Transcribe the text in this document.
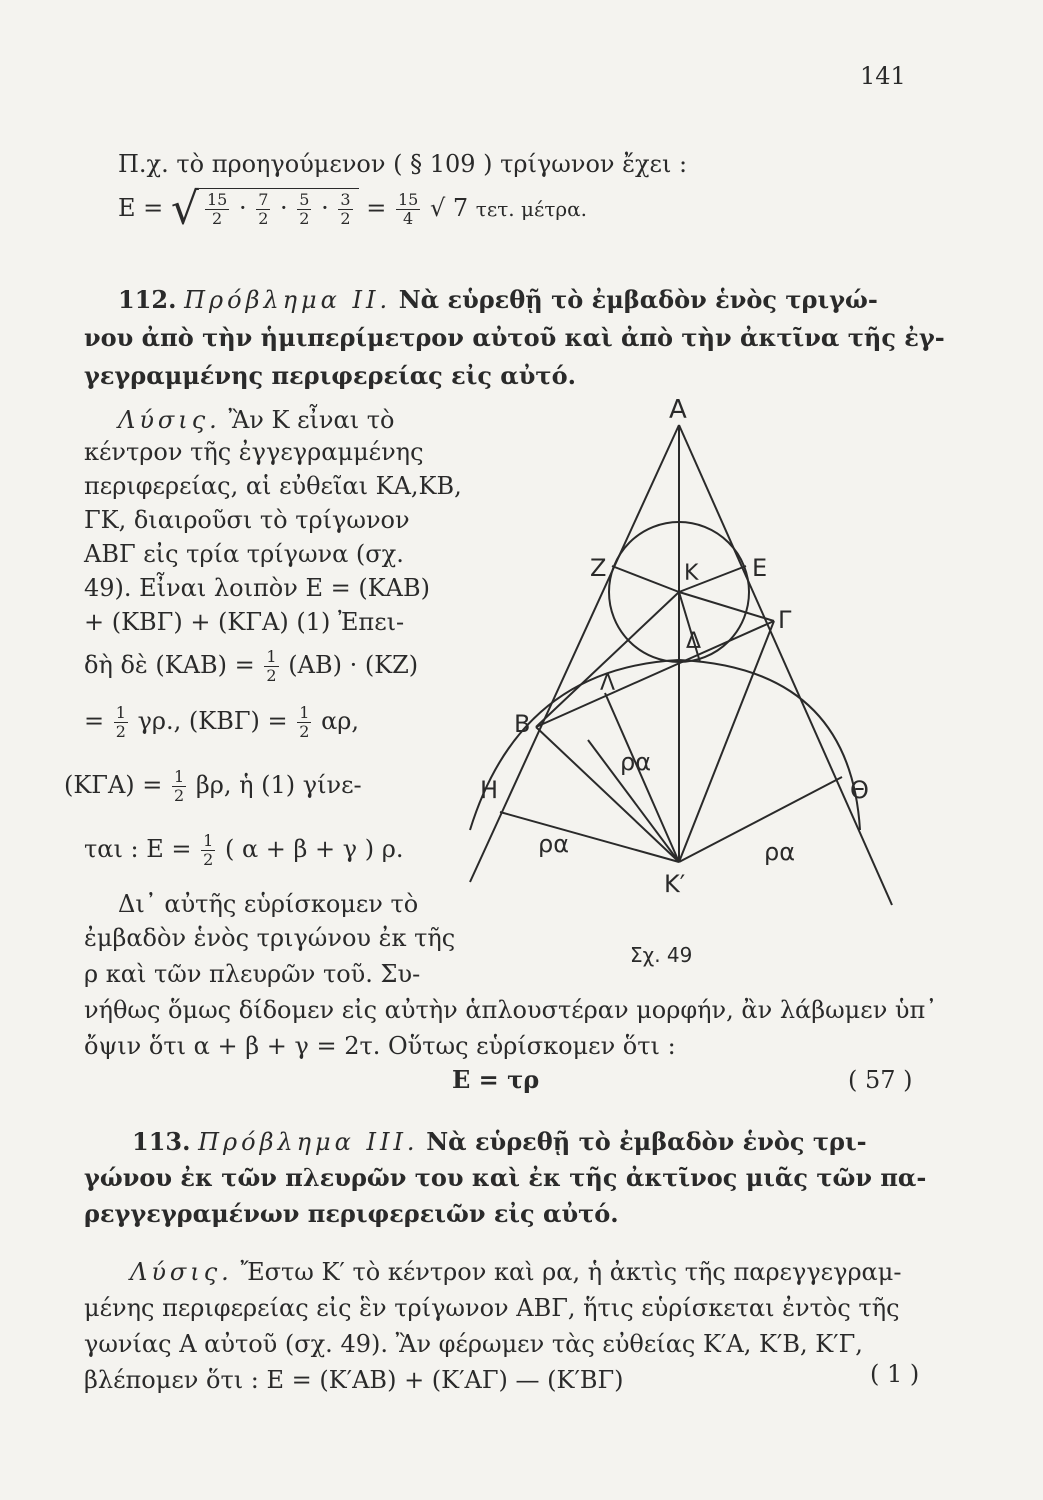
141
Π.χ. τὸ προηγούμενον ( § 109 ) τρίγωνον ἔχει :
Ε = √ $\frac{15}{2} \cdot \frac{7}{2} \cdot \frac{5}{2} \cdot \frac{3}{2} = \frac{15}{4}$ √ 7 τετ. μέτρα.
112. Πρόβλημα ΙΙ. Νὰ εὑρεθῇ τὸ ἐμβαδὸν ἑνὸς τριγώ-
νου ἀπὸ τὴν ἡμιπερίμετρον αὐτοῦ καὶ ἀπὸ τὴν ἀκτῖνα τῆς ἐγ-
γεγραμμένης περιφερείας εἰς αὐτό.
Λύσις. Ἂν Κ εἶναι τὸ
κέντρον τῆς ἐγγεγραμμένης
περιφερείας, αἱ εὐθεῖαι ΚΑ,ΚΒ,
ΓΚ, διαιροῦσι τὸ τρίγωνον
ΑΒΓ εἰς τρία τρίγωνα (σχ.
49). Εἶναι λοιπὸν Ε = (ΚΑΒ)
+ (ΚΒΓ) + (ΚΓΑ) (1) Ἐπει-
δὴ δὲ $(KAB) = \frac{1}{2} (AB) \cdot (KZ)$
= $\frac{1}{2} \gamma\rho$., $(KB\Gamma) = \frac{1}{2} \alpha\rho$,
$(K\Gamma A) = \frac{1}{2} \beta\rho$, ἡ (1) γίνε-
ται : $E = \frac{1}{2}$ ( α + β + γ ) ρ.
Δι᾽ αὐτῆς εὑρίσκομεν τὸ
ἐμβαδὸν ἑνὸς τριγώνου ἐκ τῆς
ρ καὶ τῶν πλευρῶν τοῦ. Συ-
νήθως ὅμως δίδομεν εἰς αὐτὴν ἁπλουστέραν μορφήν, ἂν λάβωμεν ὑπ᾽
ὄψιν ὅτι α + β + γ = 2τ. Οὕτως εὑρίσκομεν ὅτι :
Ε = τρ	( 57 )
Α
Ζ	Κ Ε
Γ
Δ
Λ
Β
Η	Θ
Κ′
ρα
ρα	ρα
Σχ. 49
113. Πρόβλημα ΙΙΙ. Νὰ εὑρεθῇ τὸ ἐμβαδὸν ἑνὸς τρι-
γώνου ἐκ τῶν πλευρῶν του καὶ ἐκ τῆς ἀκτῖνος μιᾶς τῶν πα-
ρεγγεγραμένων περιφερειῶν εἰς αὐτό.
Λύσις. Ἔστω Κ′ τὸ κέντρον καὶ ρα, ἡ ἀκτὶς τῆς παρεγγεγραμ-
μένης περιφερείας εἰς ἓν τρίγωνον ΑΒΓ, ἥτις εὑρίσκεται ἐντὸς τῆς
γωνίας Α αὐτοῦ (σχ. 49). Ἂν φέρωμεν τὰς εὐθείας Κ′Α, Κ′Β, Κ′Γ,
βλέπομεν ὅτι : Ε = (Κ′ΑΒ) + (Κ′ΑΓ) — (Κ′ΒΓ)	( 1 )
